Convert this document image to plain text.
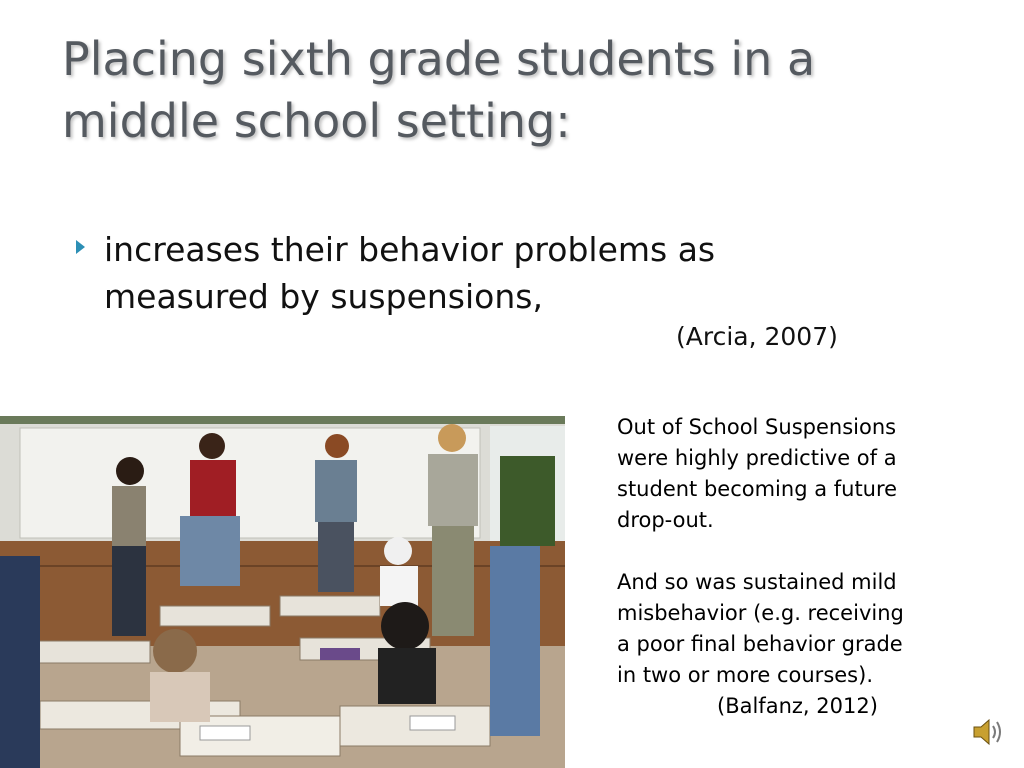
Placing sixth grade students in a
middle school setting:
increases their behavior problems as
measured by suspensions,
(Arcia, 2007)

Out of School Suspensions
were highly predictive of a
student becoming a future
drop-out.

And so was sustained mild
misbehavior (e.g. receiving
a poor final behavior grade
in two or more courses).

(Balfanz, 2012)
